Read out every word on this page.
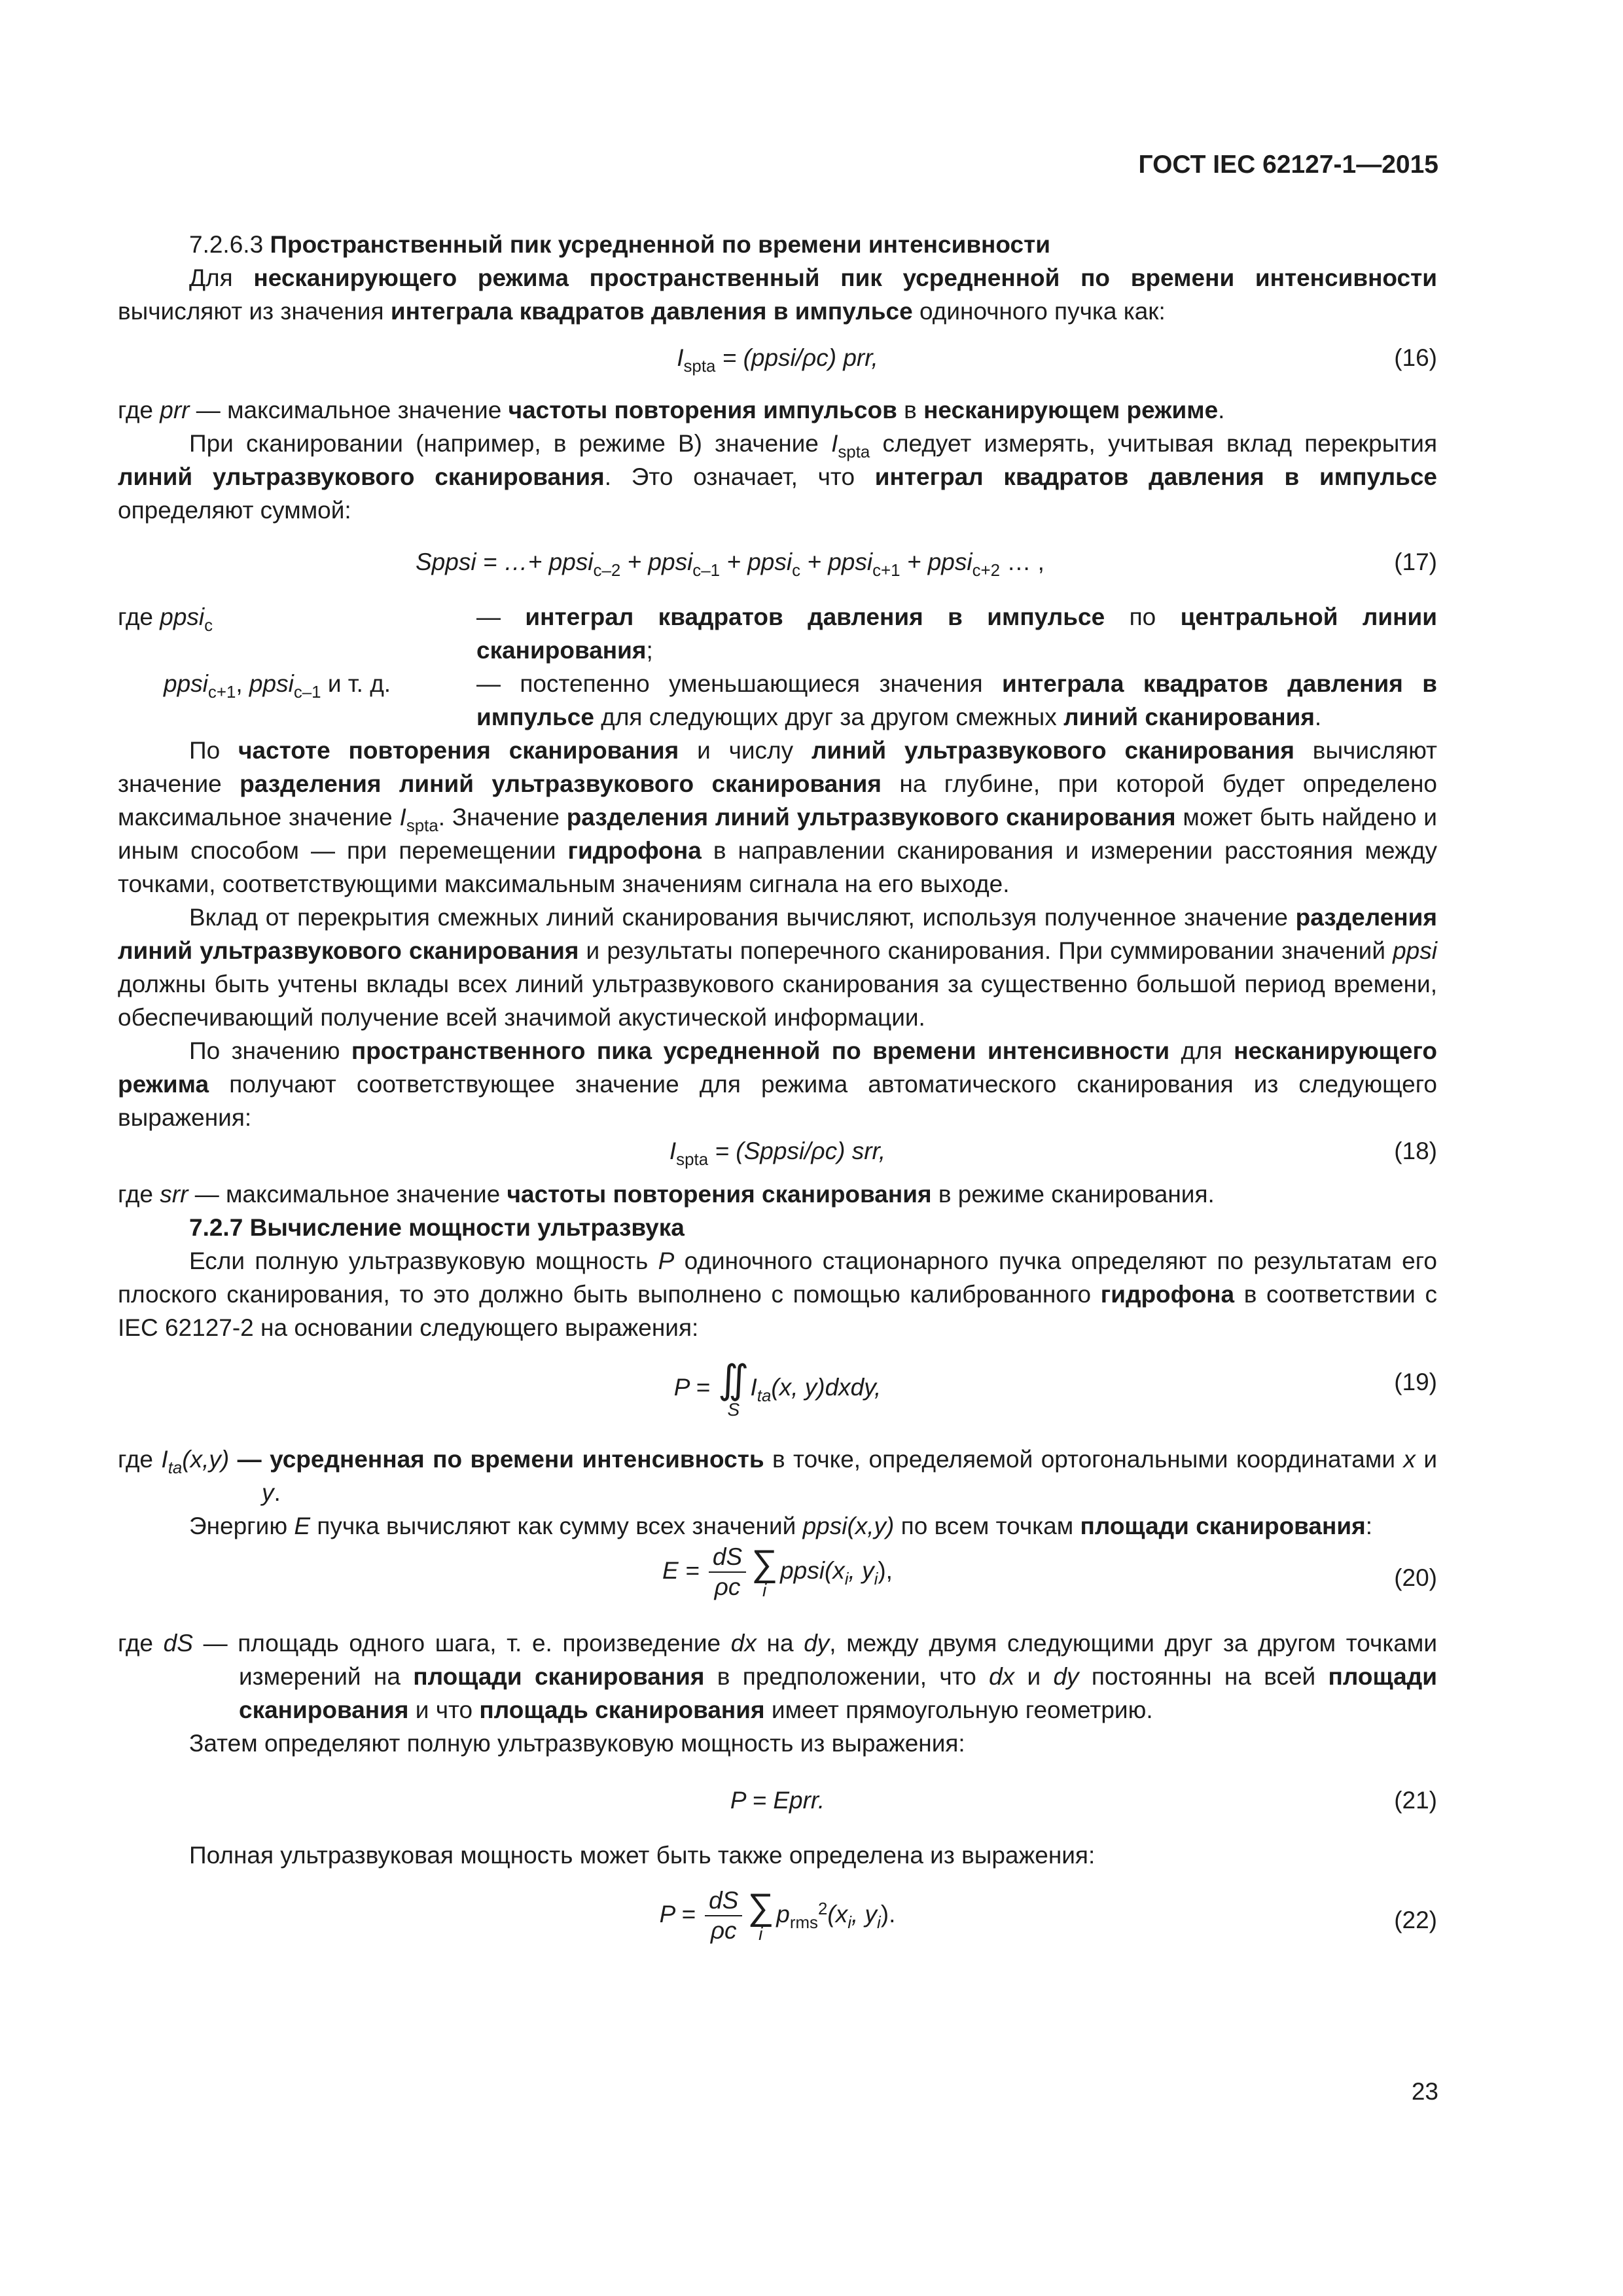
ГОСТ IEC 62127-1—2015

7.2.6.3 Пространственный пик усредненной по времени интенсивности

Для несканирующего режима пространственный пик усредненной по времени интенсивности вычисляют из значения интеграла квадратов давления в импульсе одиночного пучка как:

$I_{spta}$ = (ppsi/ρc) prr,	(16)

где prr — максимальное значение частоты повторения импульсов в несканирующем режиме.

При сканировании (например, в режиме В) значение $I_{spta}$ следует измерять, учитывая вклад перекрытия линий ультразвукового сканирования. Это означает, что интеграл квадратов давления в импульсе определяют суммой:

Sppsi = …+ ppsi$_{c-2}$ + ppsi$_{c-1}$ + ppsi$_c$ + ppsi$_{c+1}$ + ppsi$_{c+2}$ … ,	(17)
где ppsi$_c$	— интеграл квадратов давления в импульсе по центральной линии сканирования;
ppsi$_{c+1}$, ppsi$_{c-1}$ и т. д.	— постепенно уменьшающиеся значения интеграла квадратов давления в импульсе для следующих друг за другом смежных линий сканирования.

По частоте повторения сканирования и числу линий ультразвукового сканирования вычисляют значение разделения линий ультразвукового сканирования на глубине, при которой будет определено максимальное значение $I_{spta}$. Значение разделения линий ультразвукового сканирования может быть найдено и иным способом — при перемещении гидрофона в направлении сканирования и измерении расстояния между точками, соответствующими максимальным значениям сигнала на его выходе.

Вклад от перекрытия смежных линий сканирования вычисляют, используя полученное значение разделения линий ультразвукового сканирования и результаты поперечного сканирования. При суммировании значений ppsi должны быть учтены вклады всех линий ультразвукового сканирования за существенно большой период времени, обеспечивающий получение всей значимой акустической информации.

По значению пространственного пика усредненной по времени интенсивности для несканирующего режима получают соответствующее значение для режима автоматического сканирования из следующего выражения:

$I_{spta}$ = (Sppsi/ρc) srr,	(18)

где srr — максимальное значение частоты повторения сканирования в режиме сканирования.

7.2.7 Вычисление мощности ультразвука

Если полную ультразвуковую мощность P одиночного стационарного пучка определяют по результатам его плоского сканирования, то это должно быть выполнено с помощью калиброванного гидрофона в соответствии с IEC 62127-2 на основании следующего выражения:

P = ∬
S
$I_{ta}(x$, y)dxdy,	(19)

где $I_{ta}(x,y)$ — усредненная по времени интенсивность в точке, определяемой ортогональными координатами x и y.

Энергию E пучка вычисляют как сумму всех значений ppsi(x,y) по всем точкам площади сканирования:

$E = \frac{dS}{\rho c}$ ∑
i
$ppsi(x_i$, $y_i$),	(20)

где dS — площадь одного шага, т. е. произведение dx на dy, между двумя следующими друг за другом точками измерений на площади сканирования в предположении, что dx и dy постоянны на всей площади сканирования и что площадь сканирования имеет прямоугольную геометрию.

Затем определяют полную ультразвуковую мощность из выражения:

P = Eprr.	(21)

Полная ультразвуковая мощность может быть также определена из выражения:

$P = \frac{dS}{\rho c}$ ∑
i
$p_{rms}^2(x_i$, $y_i$).	(22)
23
